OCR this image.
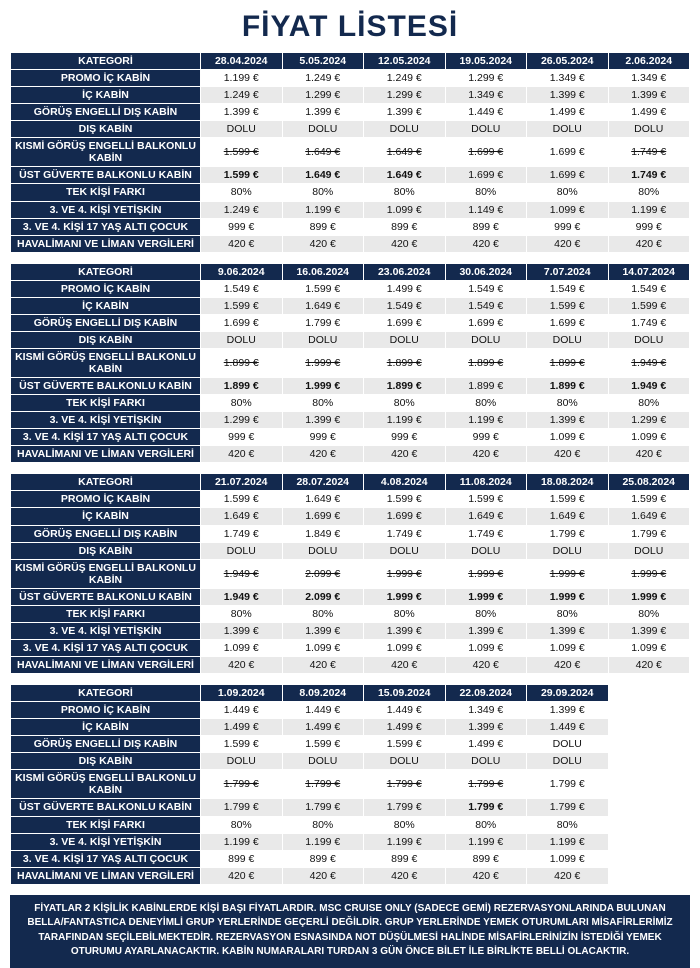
FİYAT LİSTESİ
KATEGORİ	28.04.2024	5.05.2024	12.05.2024	19.05.2024	26.05.2024	2.06.2024
PROMO İÇ KABİN	1.199 €	1.249 €	1.249 €	1.299 €	1.349 €	1.349 €
İÇ KABİN	1.249 €	1.299 €	1.299 €	1.349 €	1.399 €	1.399 €
GÖRÜŞ ENGELLİ DIŞ KABİN	1.399 €	1.399 €	1.399 €	1.449 €	1.499 €	1.499 €
DIŞ KABİN	DOLU	DOLU	DOLU	DOLU	DOLU	DOLU
KISMİ GÖRÜŞ ENGELLİ BALKONLU KABİN	1.599 €	1.649 €	1.649 €	1.699 €	1.699 €	1.749 €
ÜST GÜVERTE BALKONLU KABİN	1.599 €	1.649 €	1.649 €	1.699 €	1.699 €	1.749 €
TEK KİŞİ FARKI	80%	80%	80%	80%	80%	80%
3. VE 4. KİŞİ YETİŞKİN	1.249 €	1.199 €	1.099 €	1.149 €	1.099 €	1.199 €
3. VE 4. KİŞİ 17 YAŞ ALTI ÇOCUK	999 €	899 €	899 €	899 €	999 €	999 €
HAVALİMANI VE LİMAN VERGİLERİ	420 €	420 €	420 €	420 €	420 €	420 €
KATEGORİ	9.06.2024	16.06.2024	23.06.2024	30.06.2024	7.07.2024	14.07.2024
PROMO İÇ KABİN	1.549 €	1.599 €	1.499 €	1.549 €	1.549 €	1.549 €
İÇ KABİN	1.599 €	1.649 €	1.549 €	1.549 €	1.599 €	1.599 €
GÖRÜŞ ENGELLİ DIŞ KABİN	1.699 €	1.799 €	1.699 €	1.699 €	1.699 €	1.749 €
DIŞ KABİN	DOLU	DOLU	DOLU	DOLU	DOLU	DOLU
KISMİ GÖRÜŞ ENGELLİ BALKONLU KABİN	1.899 €	1.999 €	1.899 €	1.899 €	1.899 €	1.949 €
ÜST GÜVERTE BALKONLU KABİN	1.899 €	1.999 €	1.899 €	1.899 €	1.899 €	1.949 €
TEK KİŞİ FARKI	80%	80%	80%	80%	80%	80%
3. VE 4. KİŞİ YETİŞKİN	1.299 €	1.399 €	1.199 €	1.199 €	1.399 €	1.299 €
3. VE 4. KİŞİ 17 YAŞ ALTI ÇOCUK	999 €	999 €	999 €	999 €	1.099 €	1.099 €
HAVALİMANI VE LİMAN VERGİLERİ	420 €	420 €	420 €	420 €	420 €	420 €
KATEGORİ	21.07.2024	28.07.2024	4.08.2024	11.08.2024	18.08.2024	25.08.2024
PROMO İÇ KABİN	1.599 €	1.649 €	1.599 €	1.599 €	1.599 €	1.599 €
İÇ KABİN	1.649 €	1.699 €	1.699 €	1.649 €	1.649 €	1.649 €
GÖRÜŞ ENGELLİ DIŞ KABİN	1.749 €	1.849 €	1.749 €	1.749 €	1.799 €	1.799 €
DIŞ KABİN	DOLU	DOLU	DOLU	DOLU	DOLU	DOLU
KISMİ GÖRÜŞ ENGELLİ BALKONLU KABİN	1.949 €	2.099 €	1.999 €	1.999 €	1.999 €	1.999 €
ÜST GÜVERTE BALKONLU KABİN	1.949 €	2.099 €	1.999 €	1.999 €	1.999 €	1.999 €
TEK KİŞİ FARKI	80%	80%	80%	80%	80%	80%
3. VE 4. KİŞİ YETİŞKİN	1.399 €	1.399 €	1.399 €	1.399 €	1.399 €	1.399 €
3. VE 4. KİŞİ 17 YAŞ ALTI ÇOCUK	1.099 €	1.099 €	1.099 €	1.099 €	1.099 €	1.099 €
HAVALİMANI VE LİMAN VERGİLERİ	420 €	420 €	420 €	420 €	420 €	420 €
KATEGORİ	1.09.2024	8.09.2024	15.09.2024	22.09.2024	29.09.2024	
PROMO İÇ KABİN	1.449 €	1.449 €	1.449 €	1.349 €	1.399 €	
İÇ KABİN	1.499 €	1.499 €	1.499 €	1.399 €	1.449 €	
GÖRÜŞ ENGELLİ DIŞ KABİN	1.599 €	1.599 €	1.599 €	1.499 €	DOLU	
DIŞ KABİN	DOLU	DOLU	DOLU	DOLU	DOLU	
KISMİ GÖRÜŞ ENGELLİ BALKONLU KABİN	1.799 €	1.799 €	1.799 €	1.799 €	1.799 €	
ÜST GÜVERTE BALKONLU KABİN	1.799 €	1.799 €	1.799 €	1.799 €	1.799 €	
TEK KİŞİ FARKI	80%	80%	80%	80%	80%	
3. VE 4. KİŞİ YETİŞKİN	1.199 €	1.199 €	1.199 €	1.199 €	1.199 €	
3. VE 4. KİŞİ 17 YAŞ ALTI ÇOCUK	899 €	899 €	899 €	899 €	1.099 €	
HAVALİMANI VE LİMAN VERGİLERİ	420 €	420 €	420 €	420 €	420 €	
FİYATLAR 2 KİŞİLİK KABİNLERDE KİŞİ BAŞI FİYATLARDIR. MSC CRUISE ONLY (SADECE GEMİ) REZERVASYONLARINDA BULUNAN BELLA/FANTASTICA DENEYİMLİ GRUP YERLERİNDE GEÇERLİ DEĞİLDİR. GRUP YERLERİNDE YEMEK OTURUMLARI MİSAFİRLERİMİZ TARAFINDAN SEÇİLEBİLMEKTEDİR. REZERVASYON ESNASINDA NOT DÜŞÜLMESİ HALİNDE MİSAFİRLERİNİZİN İSTEDİĞİ YEMEK OTURUMU AYARLANACAKTIR. KABİN NUMARALARI TURDAN 3 GÜN ÖNCE BİLET İLE BİRLİKTE BELLİ OLACAKTIR.
